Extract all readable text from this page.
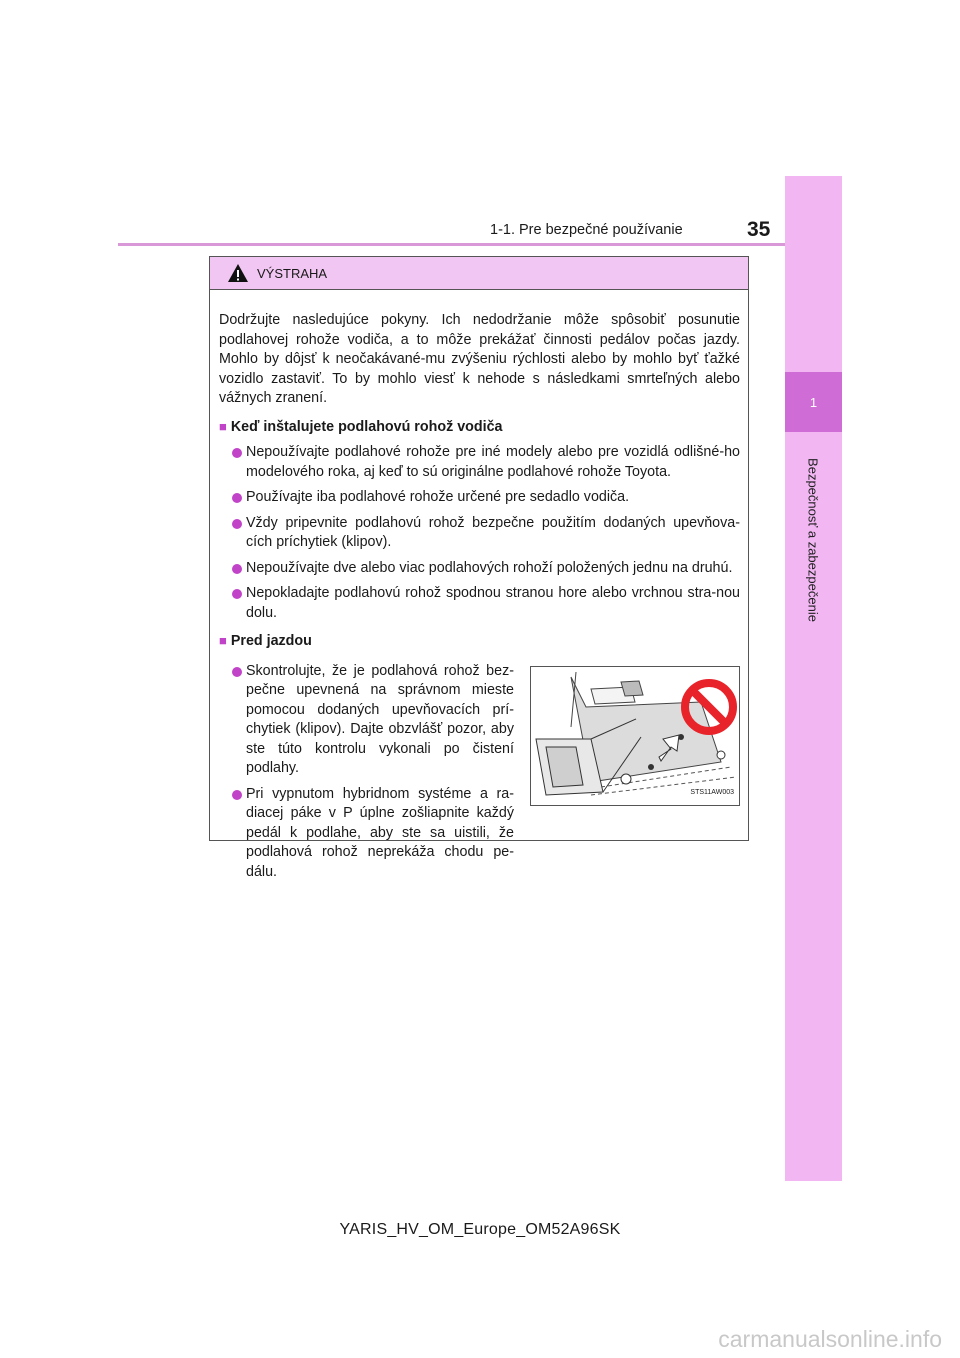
1
Bezpečnosť a zabezpečenie
1-1. Pre bezpečné používanie	35
VÝSTRAHA
Dodržujte nasledujúce pokyny. Ich nedodržanie môže spôsobiť posunutie podlahovej rohože vodiča, a to môže prekážať činnosti pedálov počas jazdy. Mohlo by dôjsť k neočakávané-mu zvýšeniu rýchlosti alebo by mohlo byť ťažké vozidlo zastaviť. To by mohlo viesť k nehode s následkami smrteľných alebo vážnych zranení.
■ Keď inštalujete podlahovú rohož vodiča
Nepoužívajte podlahové rohože pre iné modely alebo pre vozidlá odlišné-ho modelového roka, aj keď to sú originálne podlahové rohože Toyota.
Používajte iba podlahové rohože určené pre sedadlo vodiča.
Vždy pripevnite podlahovú rohož bezpečne použitím dodaných upevňova-cích príchytiek (klipov).
Nepoužívajte dve alebo viac podlahových rohoží položených jednu na druhú.
Nepokladajte podlahovú rohož spodnou stranou hore alebo vrchnou stra-nou dolu.
■ Pred jazdou
Skontrolujte, že je podlahová rohož bez-pečne upevnená na správnom mieste pomocou dodaných upevňovacích prí-chytiek (klipov). Dajte obzvlášť pozor, aby ste túto kontrolu vykonali po čistení podlahy.
Pri vypnutom hybridnom systéme a ra-diacej páke v P úplne zošliapnite každý pedál k podlahe, aby ste sa uistili, že podlahová rohož neprekáža chodu pe-dálu.
STS11AW003
YARIS_HV_OM_Europe_OM52A96SK
carmanualsonline.info
